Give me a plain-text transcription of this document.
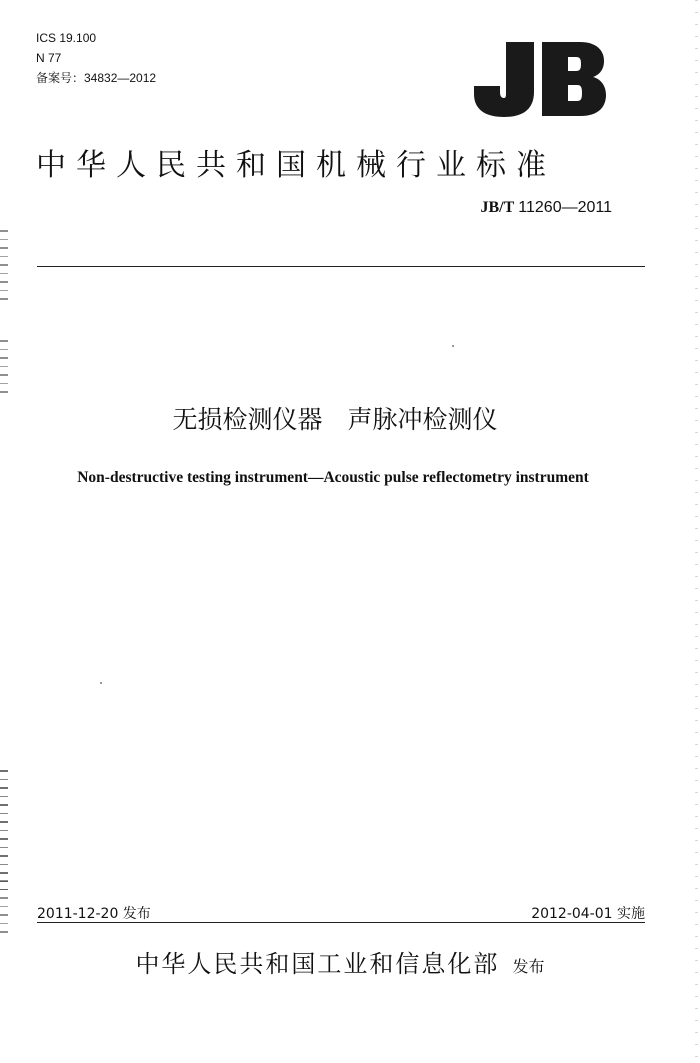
ICS 19.100
N 77
备案号：34832—2012
中华人民共和国机械行业标准
JB/T 11260—2011
无损检测仪器　声脉冲检测仪
Non-destructive testing instrument—Acoustic pulse reflectometry instrument
2011-12-20 发布	2012-04-01 实施
中华人民共和国工业和信息化部 发布
